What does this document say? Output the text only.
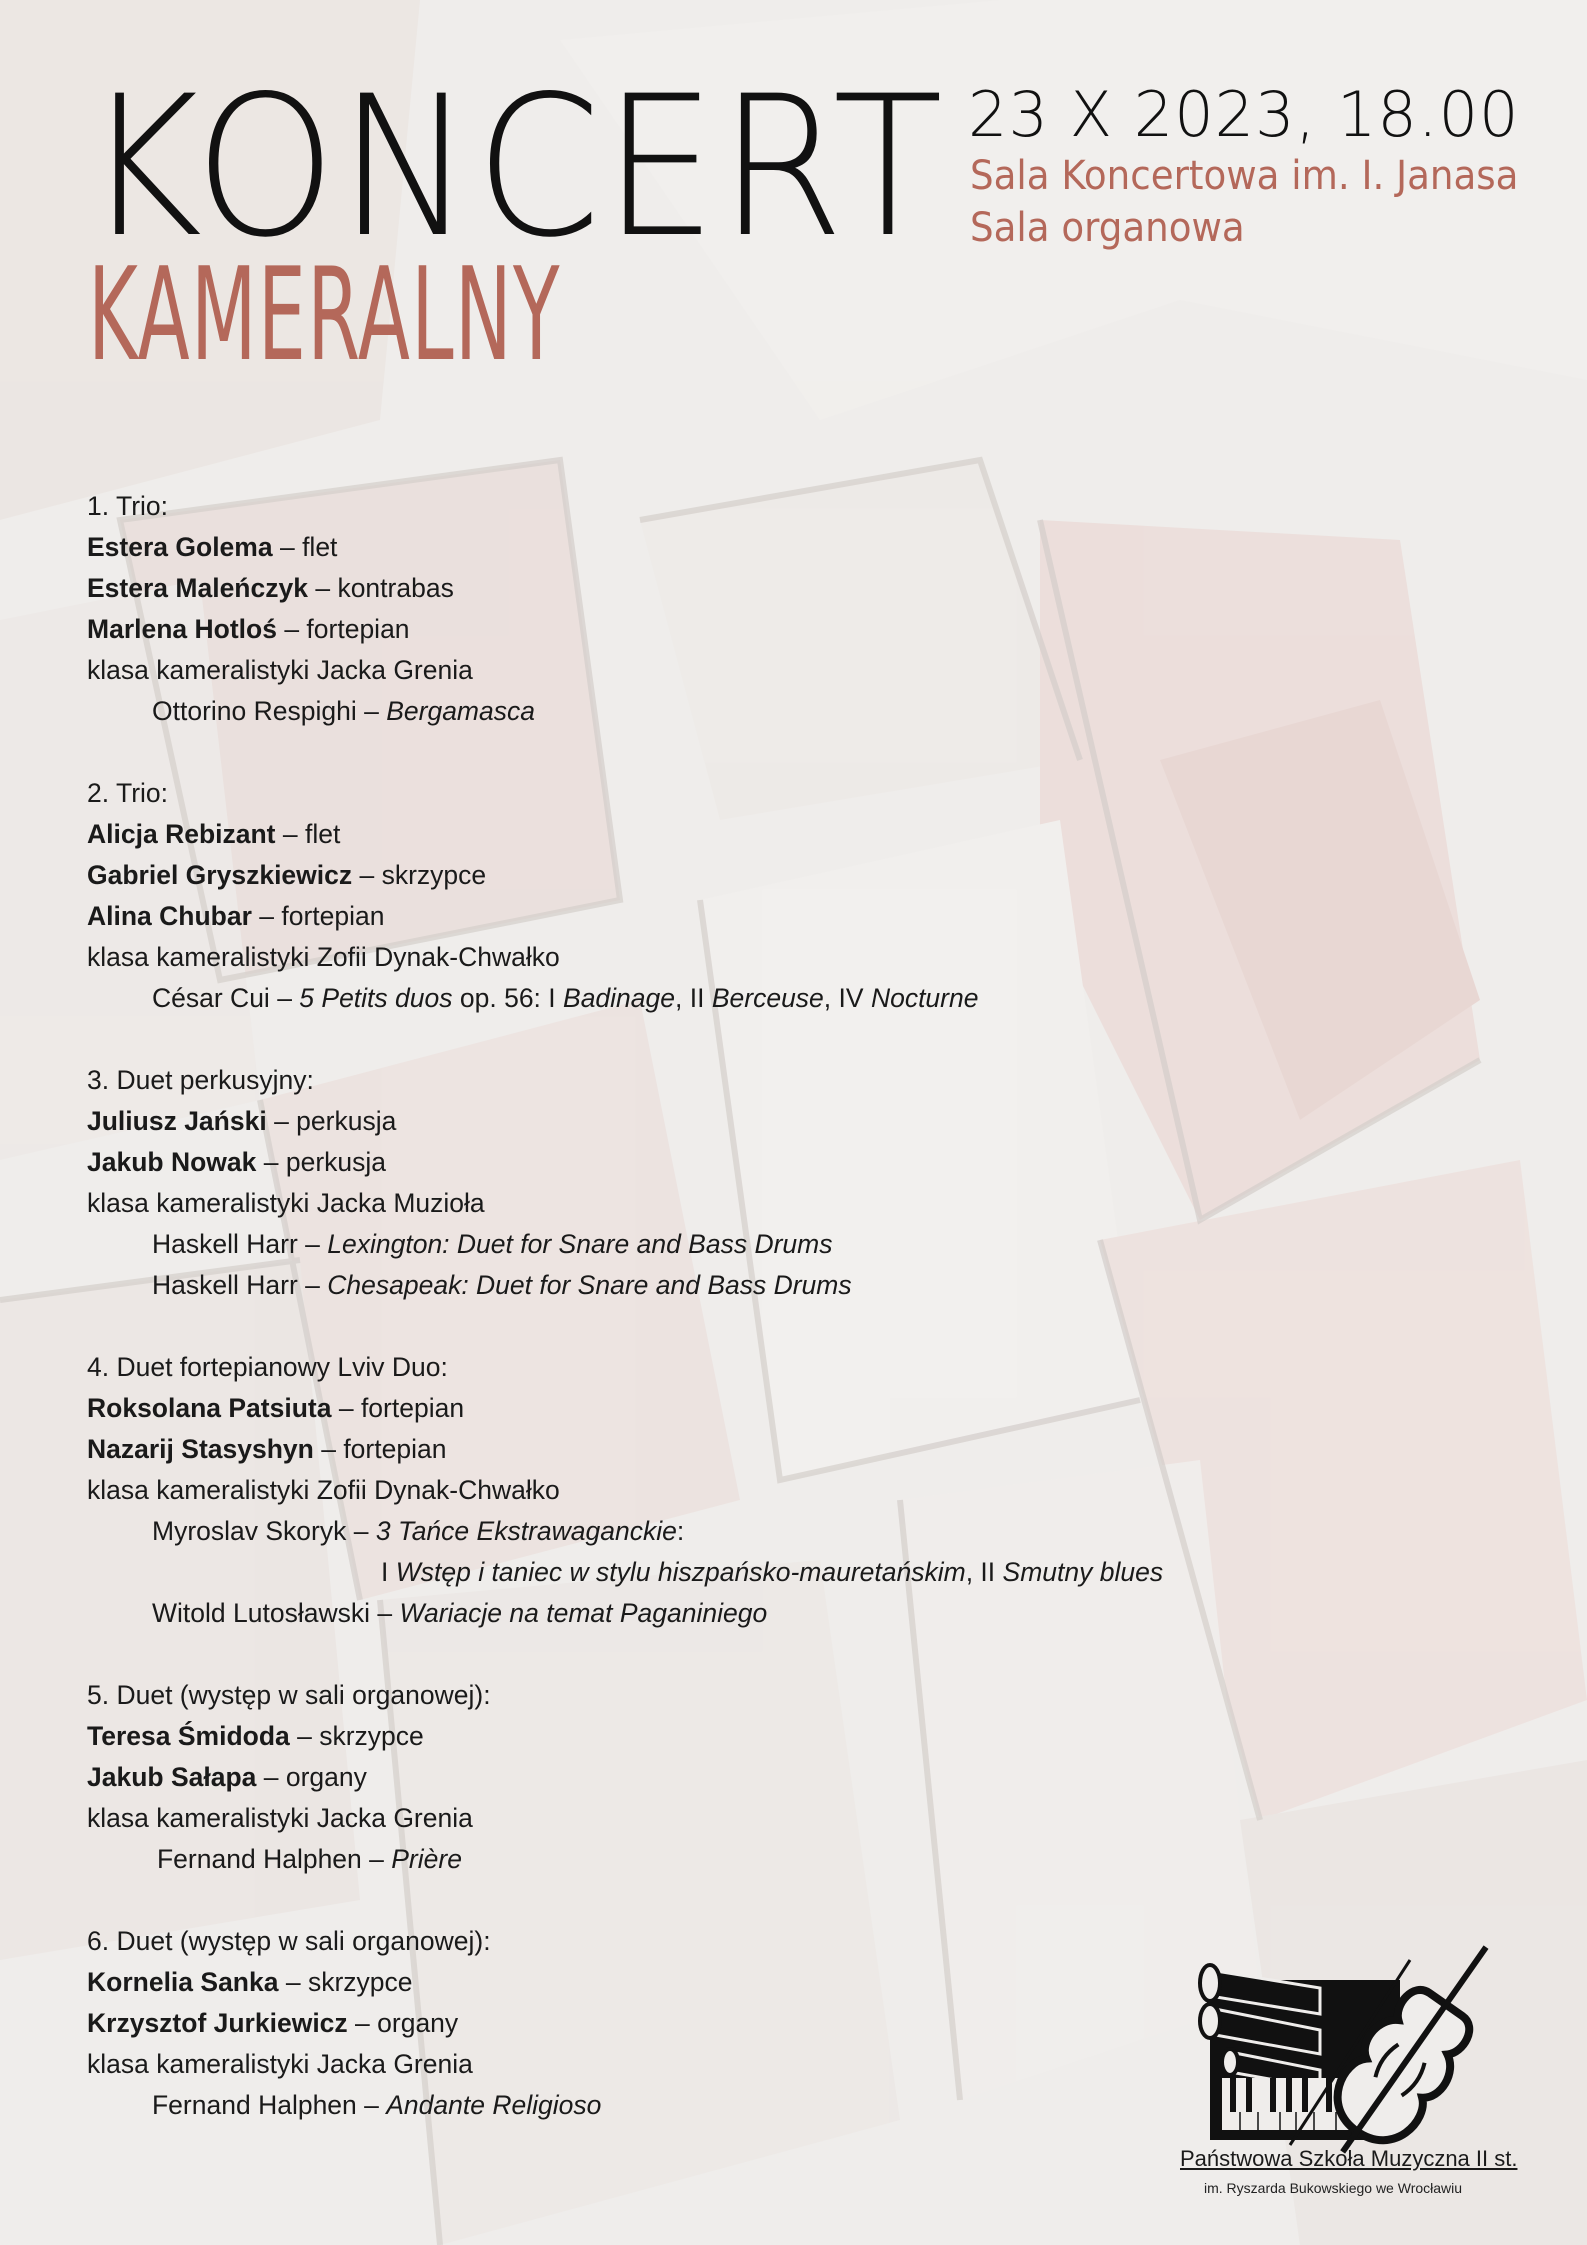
KONCERT
KAMERALNY
23 X 2023, 18.00
Sala Koncertowa im. I. Janasa
Sala organowa
1. Trio:
Estera Golema – flet
Estera Maleńczyk – kontrabas
Marlena Hotloś – fortepian
klasa kameralistyki Jacka Grenia
Ottorino Respighi – Bergamasca
2. Trio:
Alicja Rebizant – flet
Gabriel Gryszkiewicz – skrzypce
Alina Chubar – fortepian
klasa kameralistyki Zofii Dynak-Chwałko
César Cui – 5 Petits duos op. 56: I Badinage, II Berceuse, IV Nocturne
3. Duet perkusyjny:
Juliusz Jański – perkusja
Jakub Nowak – perkusja
klasa kameralistyki Jacka Muzioła
Haskell Harr – Lexington: Duet for Snare and Bass Drums
Haskell Harr – Chesapeak: Duet for Snare and Bass Drums
4. Duet fortepianowy Lviv Duo:
Roksolana Patsiuta – fortepian
Nazarij Stasyshyn – fortepian
klasa kameralistyki Zofii Dynak-Chwałko
Myroslav Skoryk – 3 Tańce Ekstrawaganckie:
I Wstęp i taniec w stylu hiszpańsko-mauretańskim, II Smutny blues
Witold Lutosławski – Wariacje na temat Paganiniego
5. Duet (występ w sali organowej):
Teresa Śmidoda – skrzypce
Jakub Sałapa – organy
klasa kameralistyki Jacka Grenia
Fernand Halphen – Prière
6. Duet (występ w sali organowej):
Kornelia Sanka – skrzypce
Krzysztof Jurkiewicz – organy
klasa kameralistyki Jacka Grenia
Fernand Halphen – Andante Religioso
Państwowa Szkoła Muzyczna II st.
im. Ryszarda Bukowskiego we Wrocławiu
